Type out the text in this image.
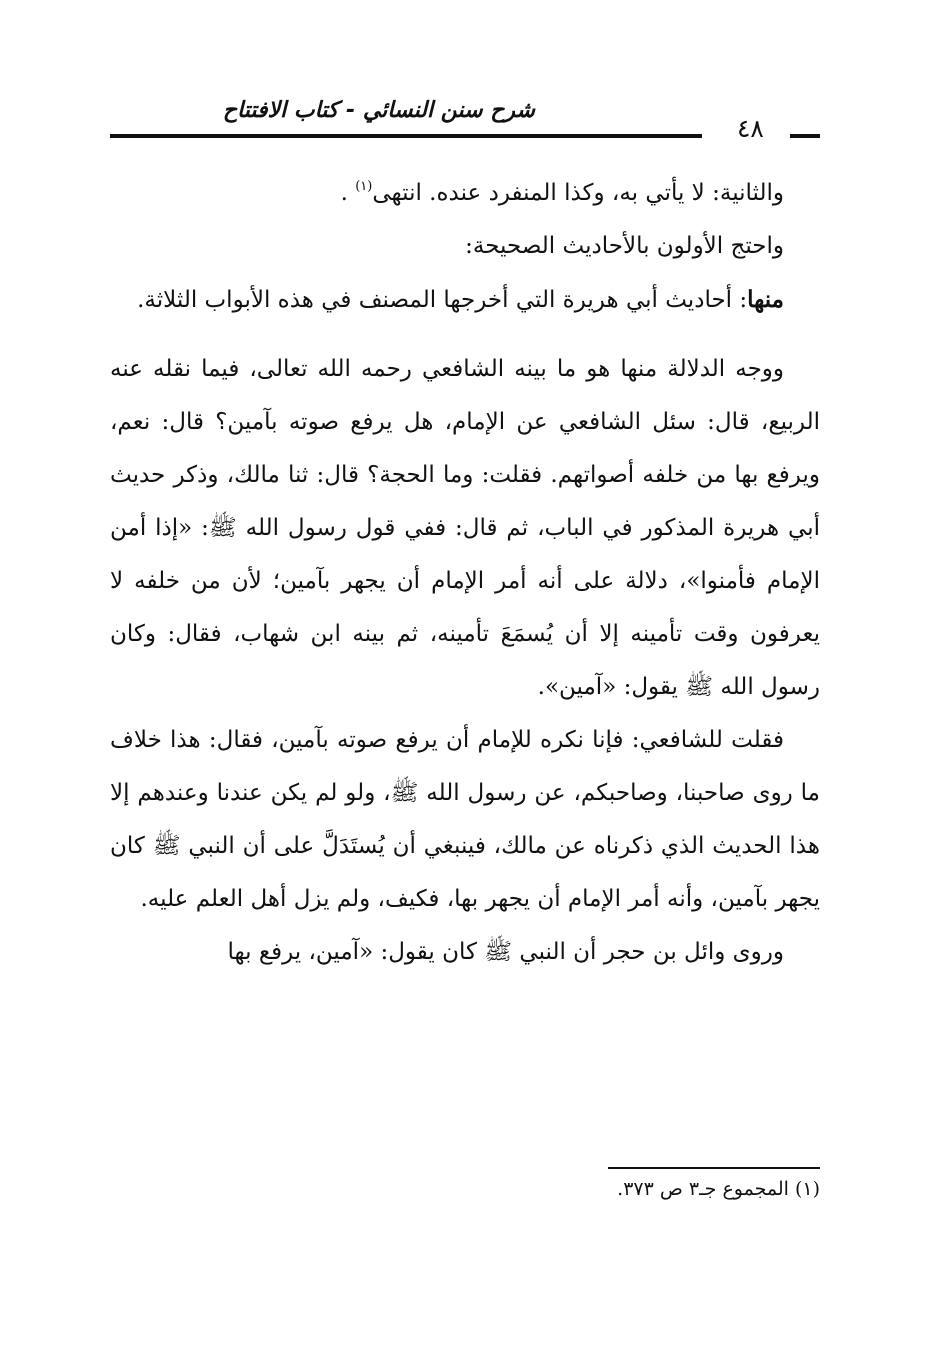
شرح سنن النسائي - كتاب الافتتاح
٤٨

والثانية: لا يأتي به، وكذا المنفرد عنده. انتهى$^{(١)}$ .

واحتج الأولون بالأحاديث الصحيحة:

منها: أحاديث أبي هريرة التي أخرجها المصنف في هذه الأبواب الثلاثة.

ووجه الدلالة منها هو ما بينه الشافعي رحمه الله تعالى، فيما نقله عنه الربيع، قال: سئل الشافعي عن الإمام، هل يرفع صوته بآمين؟ قال: نعم، ويرفع بها من خلفه أصواتهم. فقلت: وما الحجة؟ قال: ثنا مالك، وذكر حديث أبي هريرة المذكور في الباب، ثم قال: ففي قول رسول الله ﷺ: «إذا أمن الإمام فأمنوا»، دلالة على أنه أمر الإمام أن يجهر بآمين؛ لأن من خلفه لا يعرفون وقت تأمينه إلا أن يُسمَعَ تأمينه، ثم بينه ابن شهاب، فقال: وكان رسول الله ﷺ يقول: «آمين».

فقلت للشافعي: فإنا نكره للإمام أن يرفع صوته بآمين، فقال: هذا خلاف ما روى صاحبنا، وصاحبكم، عن رسول الله ﷺ، ولو لم يكن عندنا وعندهم إلا هذا الحديث الذي ذكرناه عن مالك، فينبغي أن يُستَدَلَّ على أن النبي ﷺ كان يجهر بآمين، وأنه أمر الإمام أن يجهر بها، فكيف، ولم يزل أهل العلم عليه.

وروى وائل بن حجر أن النبي ﷺ كان يقول: «آمين، يرفع بها

(١) المجموع جـ٣ ص ٣٧٣.
